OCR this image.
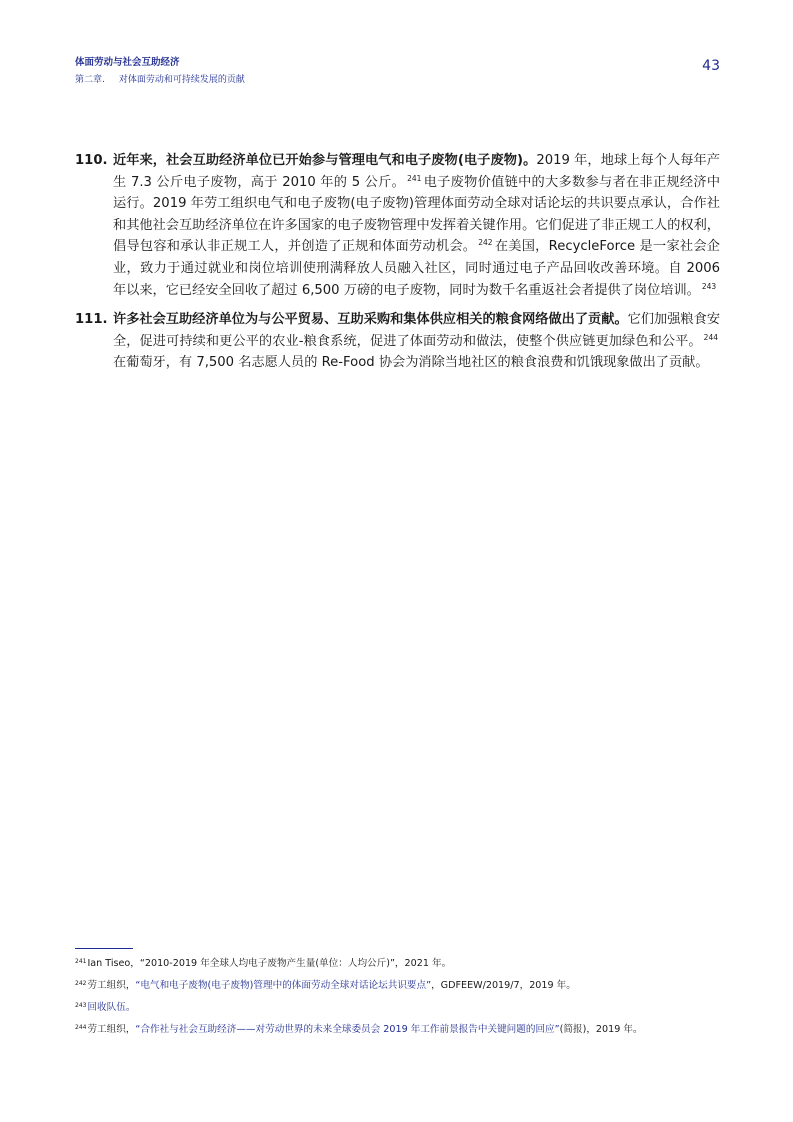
体面劳动与社会互助经济
第二章. 对体面劳动和可持续发展的贡献
43
110. 近年来，社会互助经济单位已开始参与管理电气和电子废物(电子废物)。2019 年，地球上每个人每年产生 7.3 公斤电子废物，高于 2010 年的 5 公斤。 $^{241}$ 电子废物价值链中的大多数参与者在非正规经济中运行。2019 年劳工组织电气和电子废物(电子废物)管理体面劳动全球对话论坛的共识要点承认，合作社和其他社会互助经济单位在许多国家的电子废物管理中发挥着关键作用。它们促进了非正规工人的权利，倡导包容和承认非正规工人，并创造了正规和体面劳动机会。 $^{242}$ 在美国，RecycleForce 是一家社会企业，致力于通过就业和岗位培训使刑满释放人员融入社区，同时通过电子产品回收改善环境。自 2006 年以来，它已经安全回收了超过 6,500 万磅的电子废物，同时为数千名重返社会者提供了岗位培训。 $^{243}$
111. 许多社会互助经济单位为与公平贸易、互助采购和集体供应相关的粮食网络做出了贡献。它们加强粮食安全，促进可持续和更公平的农业-粮食系统，促进了体面劳动和做法，使整个供应链更加绿色和公平。 $^{244}$在葡萄牙，有 7,500 名志愿人员的 Re-Food 协会为消除当地社区的粮食浪费和饥饿现象做出了贡献。
$^{241}$Ian Tiseo，“2010-2019 年全球人均电子废物产生量(单位：人均公斤)”，2021 年。
$^{242}$劳工组织，“电气和电子废物(电子废物)管理中的体面劳动全球对话论坛共识要点”，GDFEEW/2019/7，2019 年。
$^{243}$回收队伍。
$^{244}$劳工组织，“合作社与社会互助经济——对劳动世界的未来全球委员会 2019 年工作前景报告中关键问题的回应”(简报)，2019 年。
